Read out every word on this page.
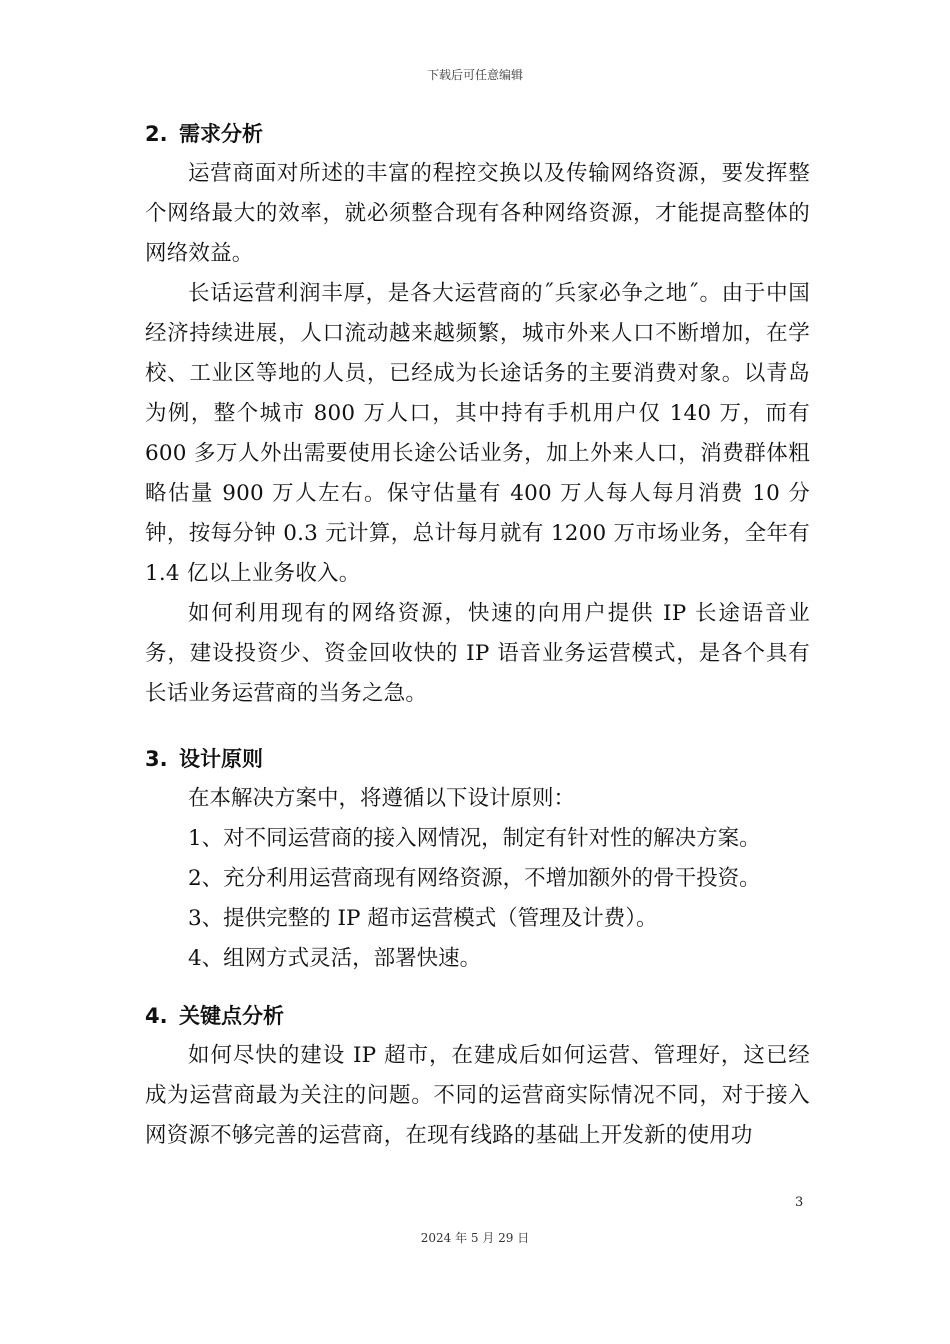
下载后可任意编辑
2. 需求分析

运营商面对所述的丰富的程控交换以及传输网络资源，要发挥整个网络最大的效率，就必须整合现有各种网络资源，才能提高整体的网络效益。

长话运营利润丰厚，是各大运营商的˝兵家必争之地˝。由于中国经济持续进展，人口流动越来越频繁，城市外来人口不断增加，在学校、工业区等地的人员，已经成为长途话务的主要消费对象。以青岛为例，整个城市 800 万人口，其中持有手机用户仅 140 万，而有 600 多万人外出需要使用长途公话业务，加上外来人口，消费群体粗略估量 900 万人左右。保守估量有 400 万人每人每月消费 10 分钟，按每分钟 0.3 元计算，总计每月就有 1200 万市场业务，全年有 1.4 亿以上业务收入。

如何利用现有的网络资源，快速的向用户提供 IP 长途语音业务，建设投资少、资金回收快的 IP 语音业务运营模式，是各个具有长话业务运营商的当务之急。

3. 设计原则

在本解决方案中，将遵循以下设计原则：

1、对不同运营商的接入网情况，制定有针对性的解决方案。

2、充分利用运营商现有网络资源，不增加额外的骨干投资。

3、提供完整的 IP 超市运营模式（管理及计费）。

4、组网方式灵活，部署快速。

4. 关键点分析

如何尽快的建设 IP 超市，在建成后如何运营、管理好，这已经成为运营商最为关注的问题。不同的运营商实际情况不同，对于接入网资源不够完善的运营商，在现有线路的基础上开发新的使用功

3
2024 年 5 月 29 日
